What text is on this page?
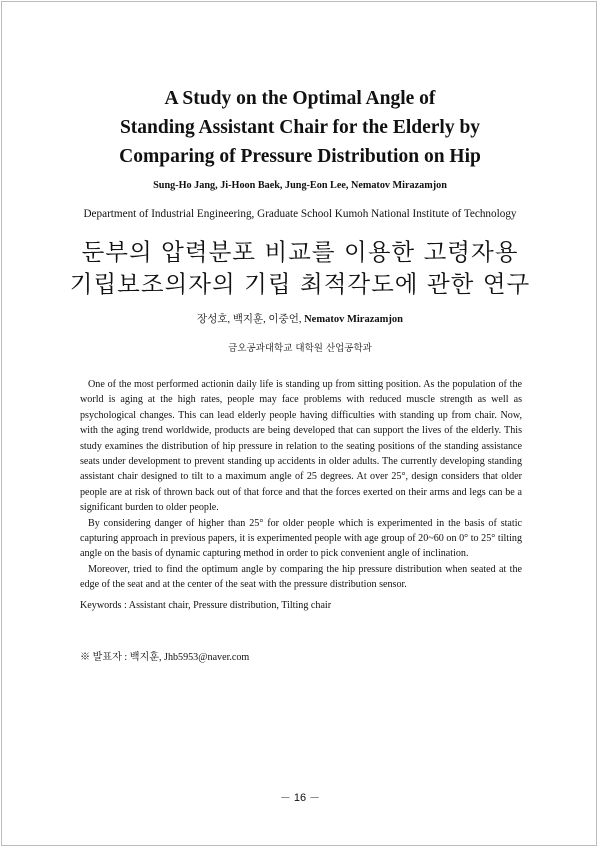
A Study on the Optimal Angle of
Standing Assistant Chair for the Elderly by
Comparing of Pressure Distribution on Hip
Sung-Ho Jang, Ji-Hoon Baek, Jung-Eon Lee, Nematov Mirazamjon
Department of Industrial Engineering, Graduate School Kumoh National Institute of Technology
둔부의 압력분포 비교를 이용한 고령자용
기립보조의자의 기립 최적각도에 관한 연구
장성호, 백지훈, 이중언, Nematov Mirazamjon
금오공과대학교 대학원 산업공학과

One of the most performed actionin daily life is standing up from sitting position. As the population of the world is aging at the high rates, people may face problems with reduced muscle strength as well as psychological changes. This can lead elderly people having difficulties with standing up from chair. Now, with the aging trend worldwide, products are being developed that can support the lives of the elderly. This study examines the distribution of hip pressure in relation to the seating positions of the standing assistance seats under development to prevent standing up accidents in older adults. The currently developing standing assistant chair designed to tilt to a maximum angle of 25 degrees. At over 25°, design considers that older people are at risk of thrown back out of that force and that the forces exerted on their arms and legs can be a significant burden to older people.

By considering danger of higher than 25° for older people which is experimented in the basis of static capturing approach in previous papers, it is experimented people with age group of 20~60 on 0° to 25° tilting angle on the basis of dynamic capturing method in order to pick convenient angle of inclination.

Moreover, tried to find the optimum angle by comparing the hip pressure distribution when seated at the edge of the seat and at the center of the seat with the pressure distribution sensor.

Keywords : Assistant chair, Pressure distribution, Tilting chair
※ 발표자 : 백지훈, Jhb5953@naver.com
－ 16 －
